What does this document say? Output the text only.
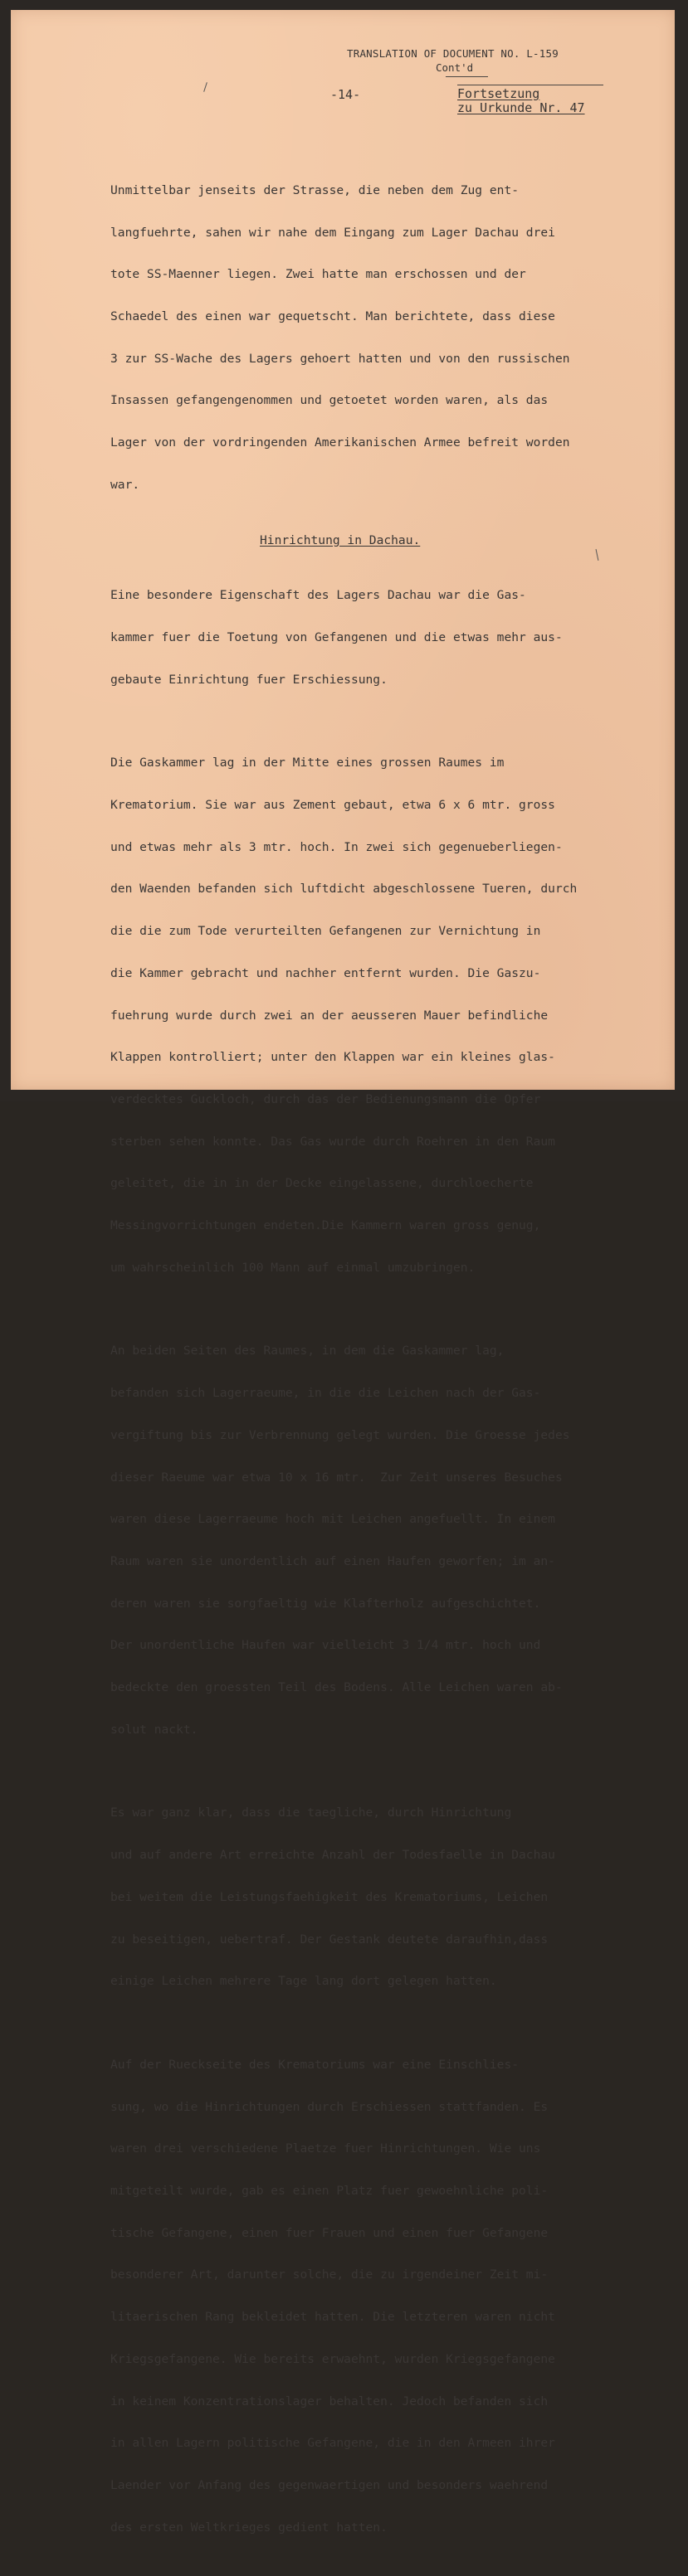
TRANSLATION OF DOCUMENT NO. L-159
Cont'd
-14-	Fortsetzung
zu Urkunde Nr. 47

Unmittelbar jenseits der Strasse, die neben dem Zug ent-

langfuehrte, sahen wir nahe dem Eingang zum Lager Dachau drei

tote SS-Maenner liegen. Zwei hatte man erschossen und der

Schaedel des einen war gequetscht. Man berichtete, dass diese

3 zur SS-Wache des Lagers gehoert hatten und von den russischen

Insassen gefangengenommen und getoetet worden waren, als das

Lager von der vordringenden Amerikanischen Armee befreit worden

war.

Hinrichtung in Dachau.

Eine besondere Eigenschaft des Lagers Dachau war die Gas-

kammer fuer die Toetung von Gefangenen und die etwas mehr aus-

gebaute Einrichtung fuer Erschiessung.

Die Gaskammer lag in der Mitte eines grossen Raumes im

Krematorium. Sie war aus Zement gebaut, etwa 6 x 6 mtr. gross

und etwas mehr als 3 mtr. hoch. In zwei sich gegenueberliegen-

den Waenden befanden sich luftdicht abgeschlossene Tueren, durch

die die zum Tode verurteilten Gefangenen zur Vernichtung in

die Kammer gebracht und nachher entfernt wurden. Die Gaszu-

fuehrung wurde durch zwei an der aeusseren Mauer befindliche

Klappen kontrolliert; unter den Klappen war ein kleines glas-

verdecktes Guckloch, durch das der Bedienungsmann die Opfer

sterben sehen konnte. Das Gas wurde durch Roehren in den Raum

geleitet, die in in der Decke eingelassene, durchloecherte

Messingvorrichtungen endeten.Die Kammern waren gross genug,

um wahrscheinlich 100 Mann auf einmal umzubringen.

An beiden Seiten des Raumes, in dem die Gaskammer lag,

befanden sich Lagerraeume, in die die Leichen nach der Gas-

vergiftung bis zur Verbrennung gelegt wurden. Die Groesse jedes

dieser Raeume war etwa 10 x 16 mtr.  Zur Zeit unseres Besuches

waren diese Lagerraeume hoch mit Leichen angefuellt. In einem

Raum waren sie unordentlich auf einen Haufen geworfen; im an-

deren waren sie sorgfaeltig wie Klafterholz aufgeschichtet.

Der unordentliche Haufen war vielleicht 3 1/4 mtr. hoch und

bedeckte den groessten Teil des Bodens. Alle Leichen waren ab-

solut nackt.

Es war ganz klar, dass die taegliche, durch Hinrichtung

und auf andere Art erreichte Anzahl der Todesfaelle in Dachau

bei weitem die Leistungsfaehigkeit des Krematoriums, Leichen

zu beseitigen, uebertraf. Der Gestank deutete daraufhin,dass

einige Leichen mehrere Tage lang dort gelegen hatten.

Auf der Rueckseite des Krematoriums war eine Einschlies-

sung, wo die Hinrichtungen durch Erschiessen stattfanden. Es

waren drei verschiedene Plaetze fuer Hinrichtungen. Wie uns

mitgeteilt wurde, gab es einen Platz fuer gewoehnliche poli-

tische Gefangene, einen fuer Frauen und einen fuer Gefangene

besonderer Art, darunter solche, die zu irgendeiner Zeit mi-

litaerischen Rang bekleidet hatten. Die letzteren waren nicht

Kriegsgefangene. Wie bereits erwaehnt, wurden Kriegsgefangene

in keinem Konzentrationslager behalten. Jedoch befanden sich

in allen Lagern politische Gefangene, die in den Armeen ihrer

Laender vor Anfang des gegenwaertigen und besonders waehrend

des ersten Weltkrieges gedient hatten.
